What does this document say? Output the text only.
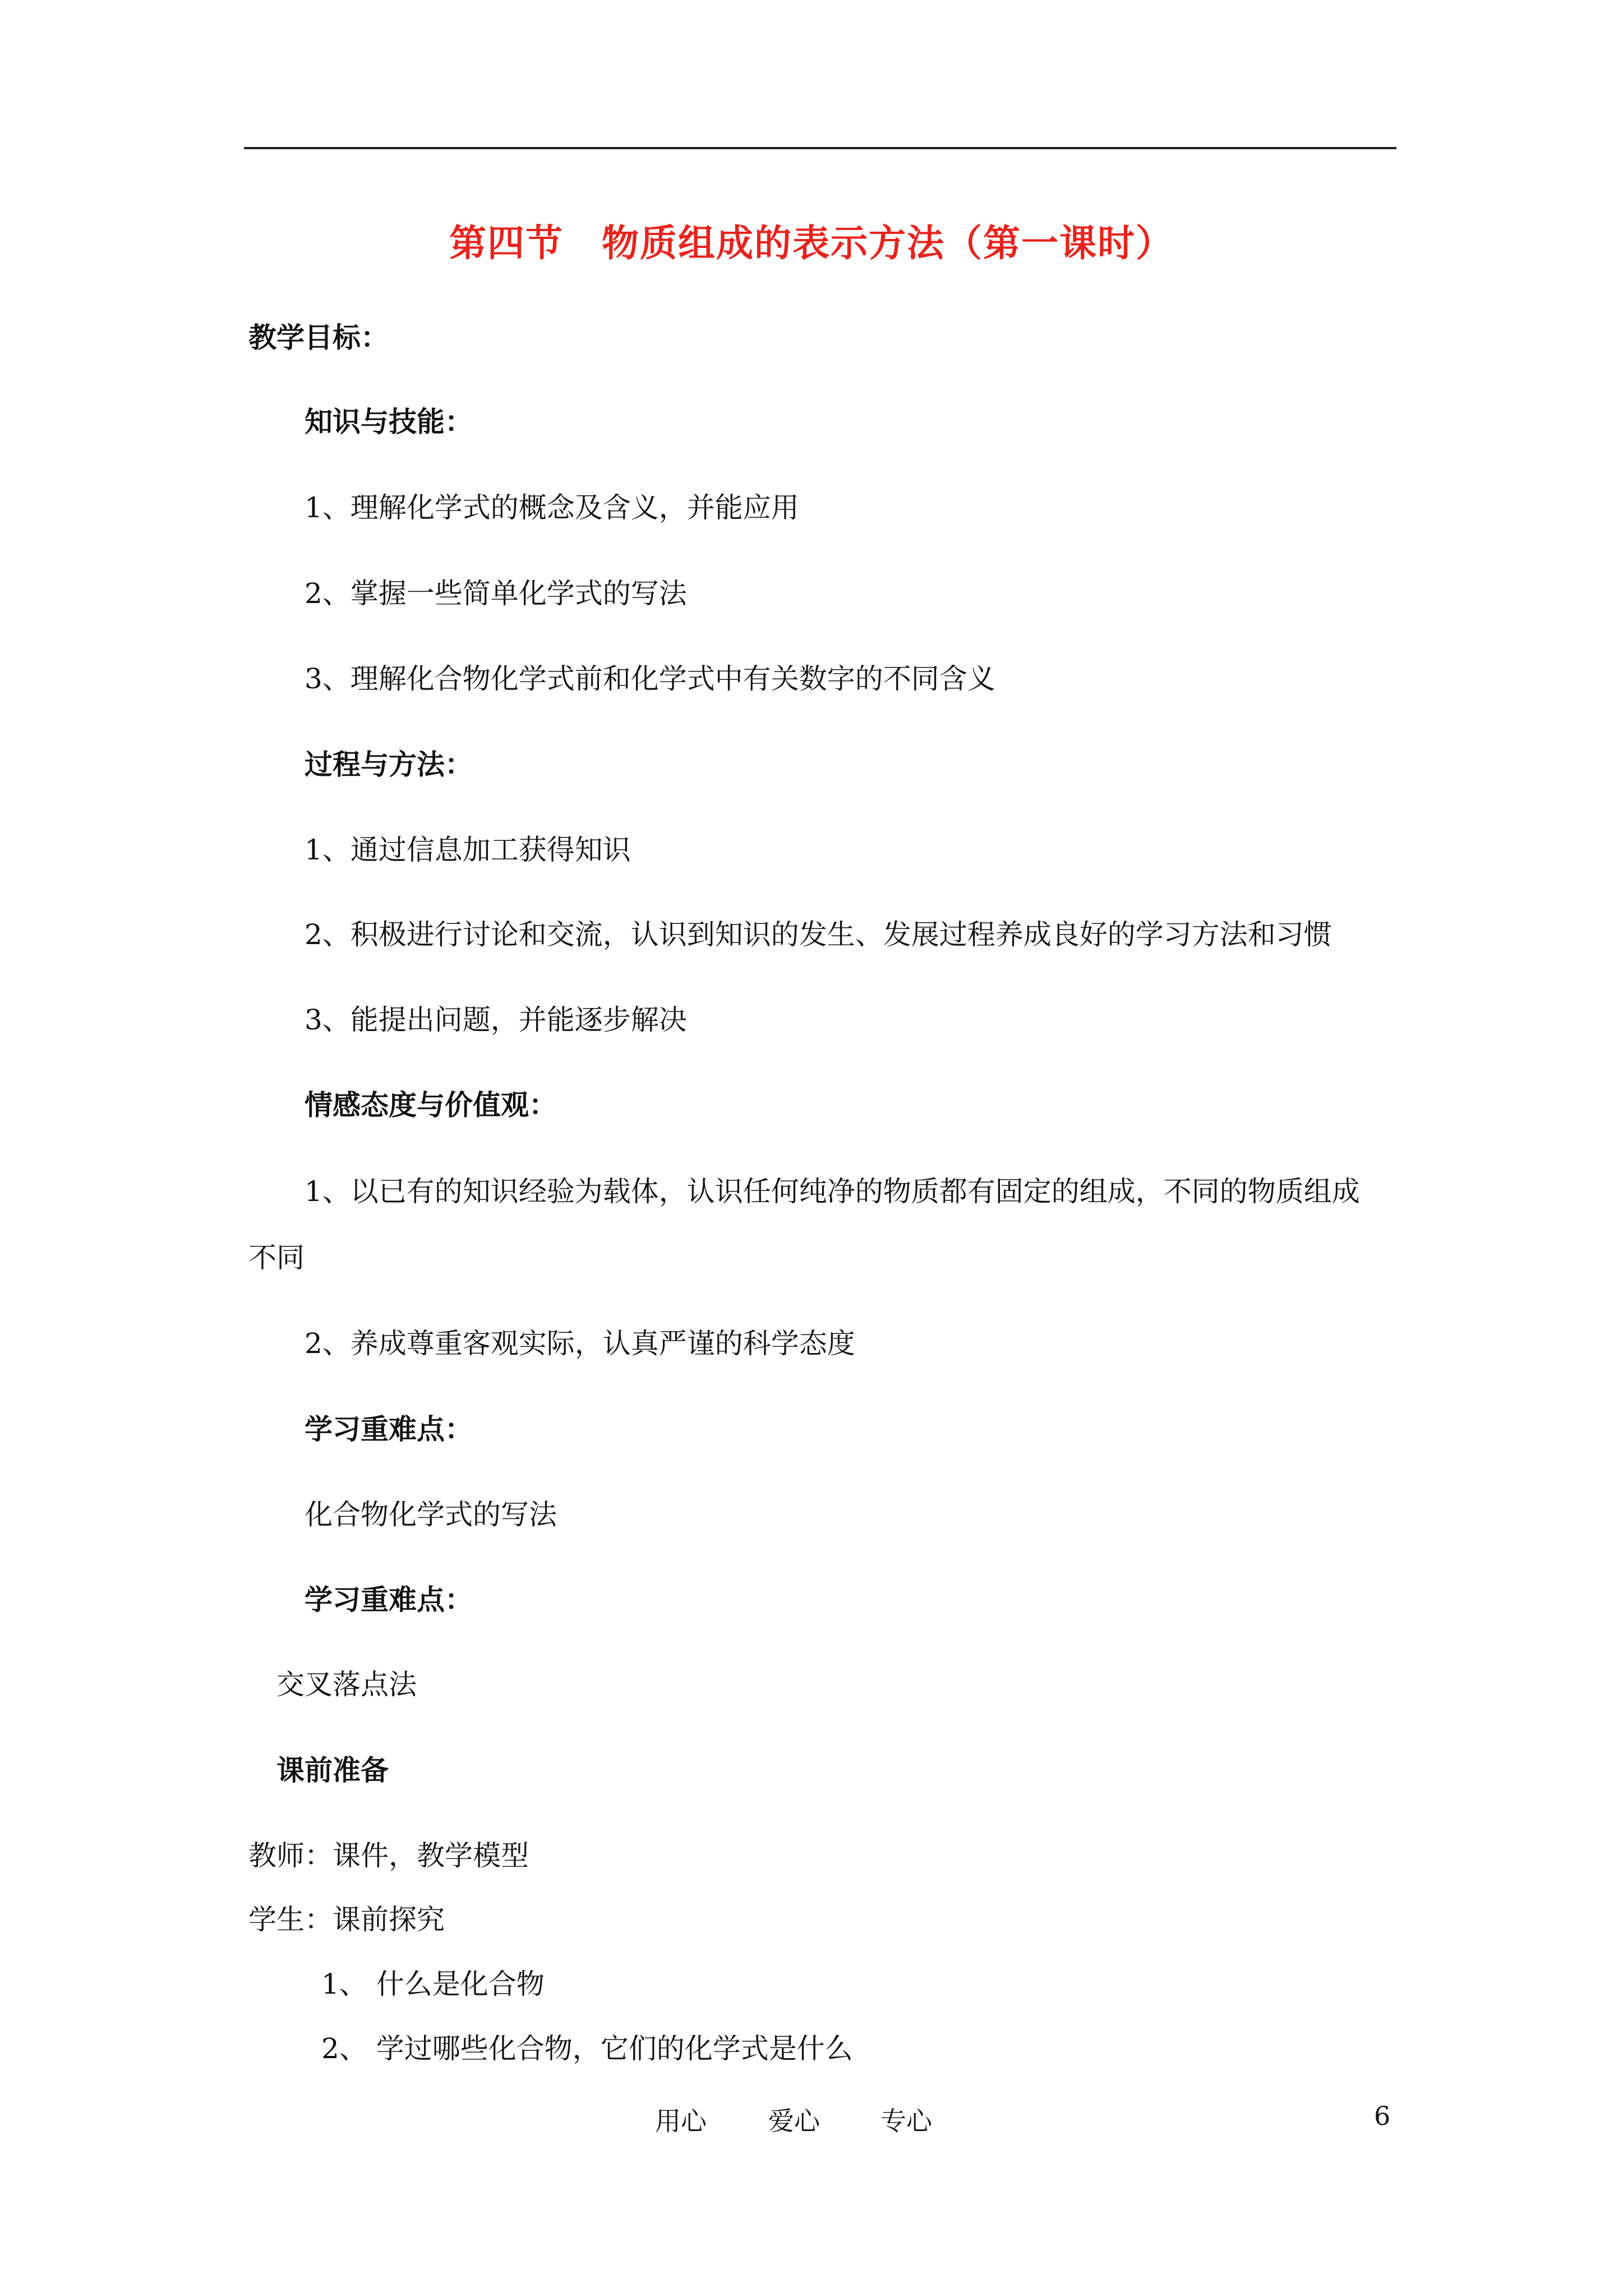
第四节　物质组成的表示方法（第一课时）
教学目标：
知识与技能：
1、理解化学式的概念及含义，并能应用
2、掌握一些简单化学式的写法
3、理解化合物化学式前和化学式中有关数字的不同含义
过程与方法：
1、通过信息加工获得知识
2、积极进行讨论和交流，认识到知识的发生、发展过程养成良好的学习方法和习惯
3、能提出问题，并能逐步解决
情感态度与价值观：
1、以已有的知识经验为载体，认识任何纯净的物质都有固定的组成，不同的物质组成
不同
2、养成尊重客观实际，认真严谨的科学态度
学习重难点：
化合物化学式的写法
学习重难点：
交叉落点法
课前准备
教师：课件，教学模型
学生：课前探究
1、 什么是化合物
2、 学过哪些化合物，它们的化学式是什么
用心 爱心 专心	6
